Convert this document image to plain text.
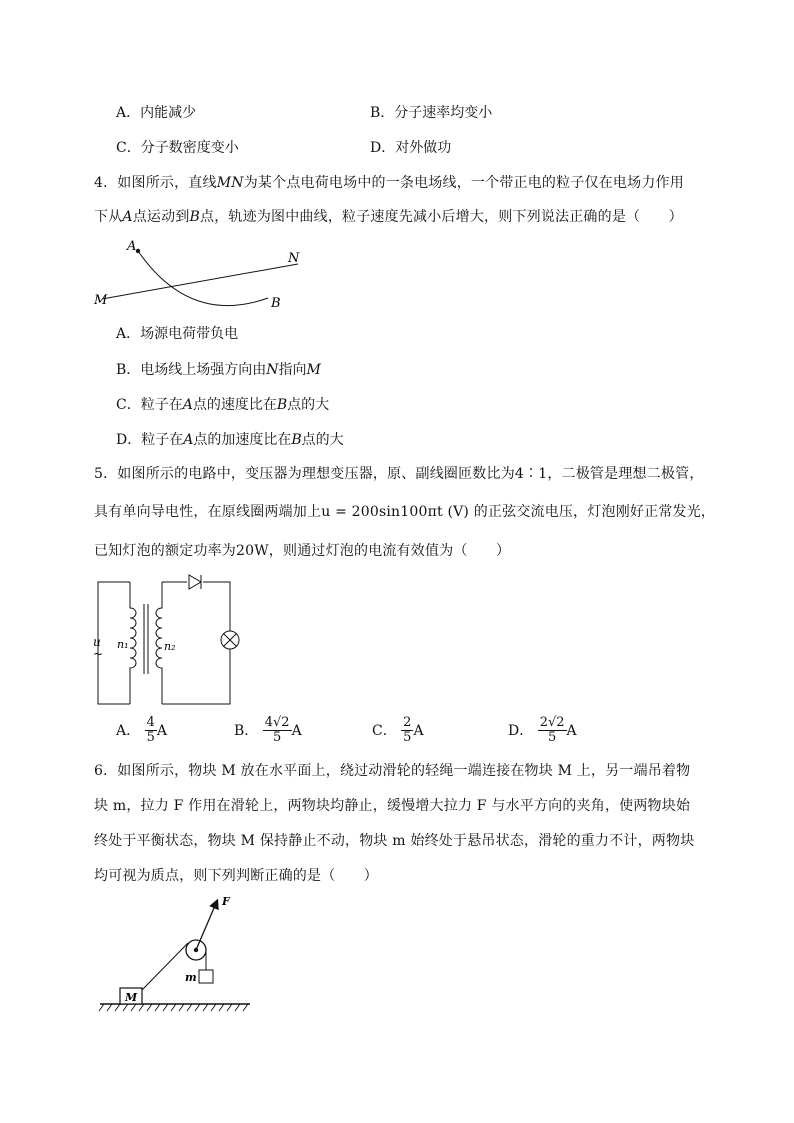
A．内能减少	B．分子速率均变小
C．分子数密度变小	D．对外做功
4．如图所示，直线MN为某个点电荷电场中的一条电场线，一个带正电的粒子仅在电场力作用
下从A点运动到B点，轨迹为图中曲线，粒子速度先减小后增大，则下列说法正确的是（　　）
A
N
M	B
A．场源电荷带负电
B．电场线上场强方向由N指向M
C．粒子在A点的速度比在B点的大
D．粒子在A点的加速度比在B点的大
5．如图所示的电路中，变压器为理想变压器，原、副线圈匝数比为4∶1，二极管是理想二极管，
具有单向导电性，在原线圈两端加上u = 200sin100πt (V) 的正弦交流电压，灯泡刚好正常发光，
已知灯泡的额定功率为20W，则通过灯泡的电流有效值为（　　）
u
~
n₁	n₂
A． $\frac{4}{5}$ A	B． $\frac{4√2}{5}$ A	C． $\frac{2}{5}$ A	D． $\frac{2√2}{5}$ A
6．如图所示，物块 M 放在水平面上，绕过动滑轮的轻绳一端连接在物块 M 上，另一端吊着物
块 m，拉力 F 作用在滑轮上，两物块均静止，缓慢增大拉力 F 与水平方向的夹角，使两物块始
终处于平衡状态，物块 M 保持静止不动，物块 m 始终处于悬吊状态，滑轮的重力不计，两物块
均可视为质点，则下列判断正确的是（　　）
M
m
F
